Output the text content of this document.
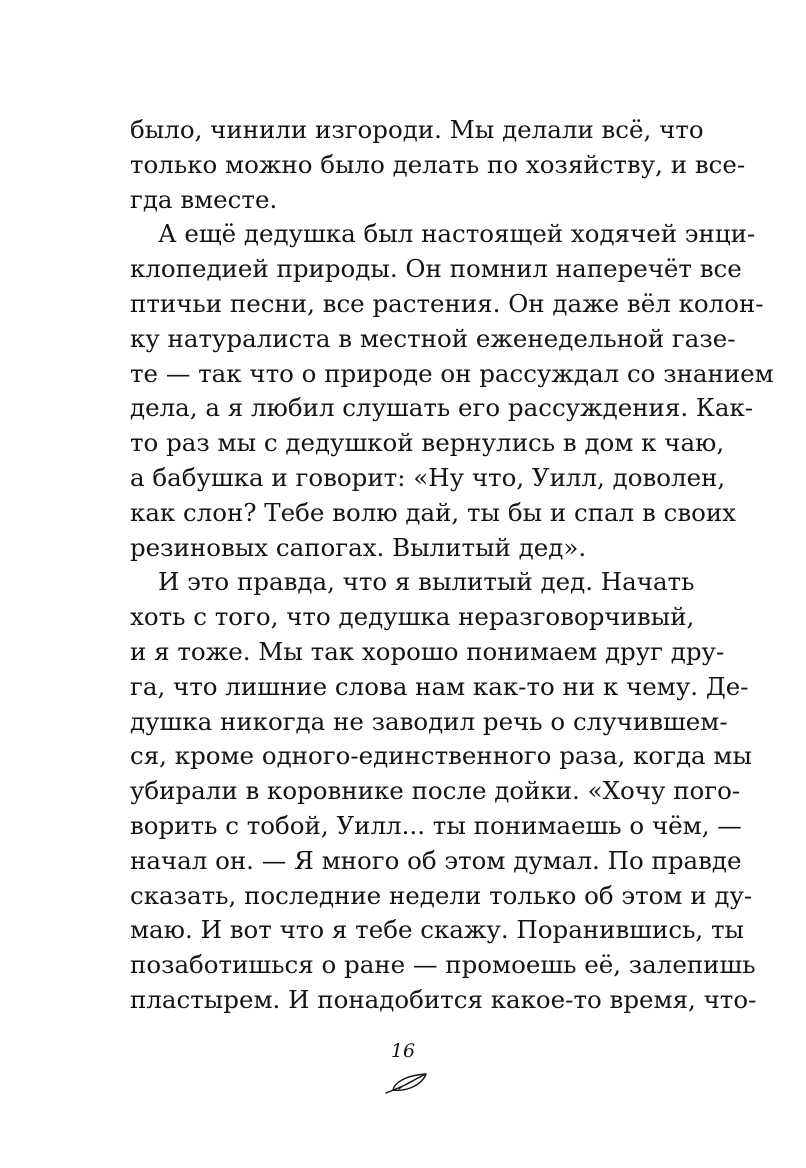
было, чинили изгороди. Мы делали всё, что
только можно было делать по хозяйству, и все-
гда вместе.
А ещё дедушка был настоящей ходячей энци-
клопедией природы. Он помнил наперечёт все
птичьи песни, все растения. Он даже вёл колон-
ку натуралиста в местной еженедельной газе-
те — так что о природе он рассуждал со знанием
дела, а я любил слушать его рассуждения. Как-
то раз мы с дедушкой вернулись в дом к чаю,
а бабушка и говорит: «Ну что, Уилл, доволен,
как слон? Тебе волю дай, ты бы и спал в своих
резиновых сапогах. Вылитый дед».
И это правда, что я вылитый дед. Начать
хоть с того, что дедушка неразговорчивый,
и я тоже. Мы так хорошо понимаем друг дру-
га, что лишние слова нам как-то ни к чему. Де-
душка никогда не заводил речь о случившем-
ся, кроме одного-единственного раза, когда мы
убирали в коровнике после дойки. «Хочу пого-
ворить с тобой, Уилл... ты понимаешь о чём, —
начал он. — Я много об этом думал. По правде
сказать, последние недели только об этом и ду-
маю. И вот что я тебе скажу. Поранившись, ты
позаботишься о ране — промоешь её, залепишь
пластырем. И понадобится какое-то время, что-
16
